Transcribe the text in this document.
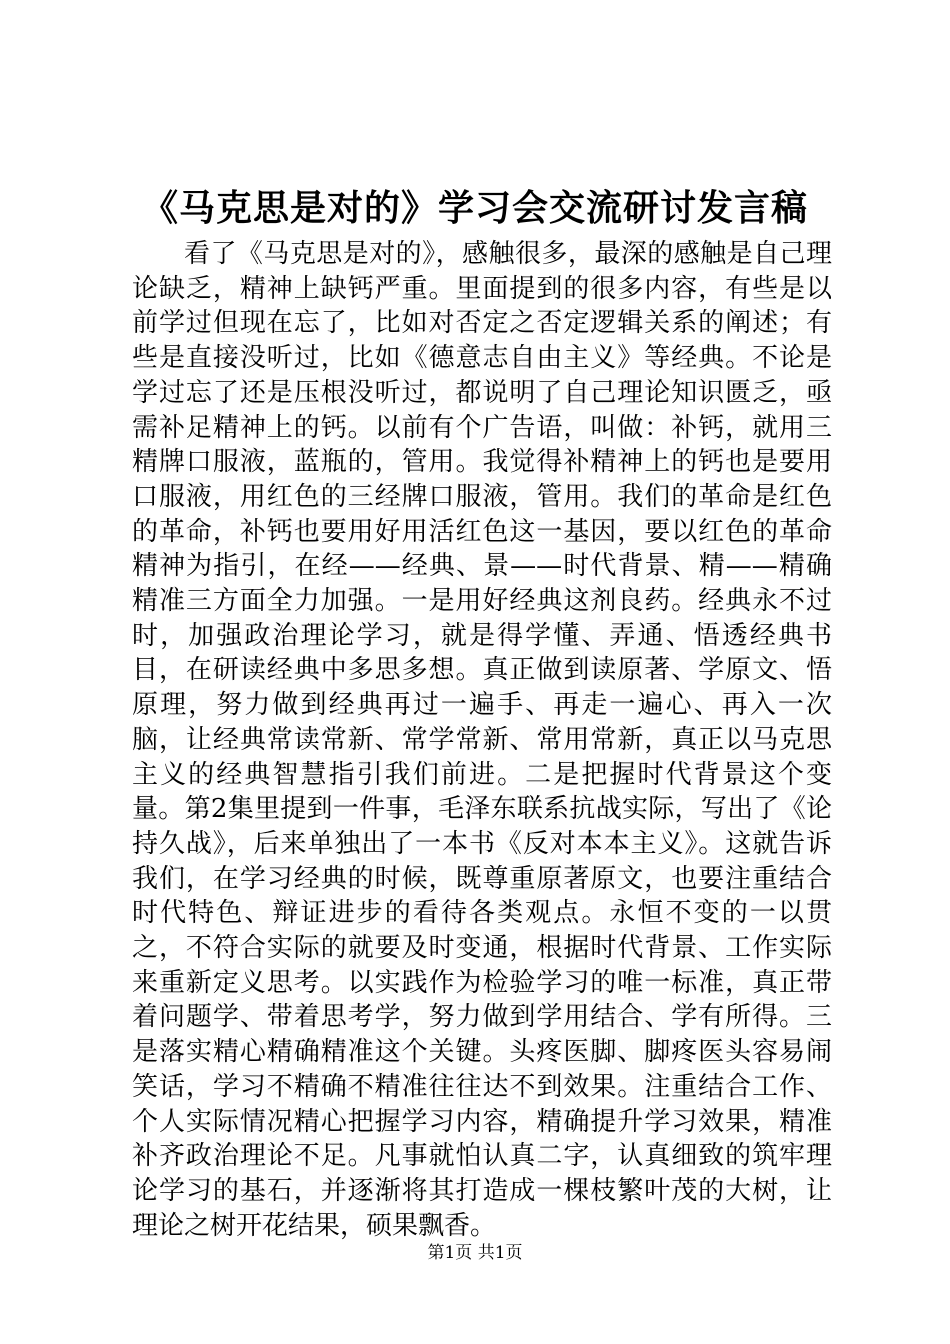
《马克思是对的》学习会交流研讨发言稿

看了《马克思是对的》，感触很多，最深的感触是自己理论缺乏，精神上缺钙严重。里面提到的很多内容，有些是以前学过但现在忘了，比如对否定之否定逻辑关系的阐述；有些是直接没听过，比如《德意志自由主义》等经典。不论是学过忘了还是压根没听过，都说明了自己理论知识匮乏，亟需补足精神上的钙。以前有个广告语，叫做：补钙，就用三精牌口服液，蓝瓶的，管用。我觉得补精神上的钙也是要用口服液，用红色的三经牌口服液，管用。我们的革命是红色的革命，补钙也要用好用活红色这一基因，要以红色的革命精神为指引，在经——经典、景——时代背景、精——精确精准三方面全力加强。一是用好经典这剂良药。经典永不过时，加强政治理论学习，就是得学懂、弄通、悟透经典书目，在研读经典中多思多想。真正做到读原著、学原文、悟原理，努力做到经典再过一遍手、再走一遍心、再入一次脑，让经典常读常新、常学常新、常用常新，真正以马克思主义的经典智慧指引我们前进。二是把握时代背景这个变量。第2集里提到一件事，毛泽东联系抗战实际，写出了《论持久战》，后来单独出了一本书《反对本本主义》。这就告诉我们，在学习经典的时候，既尊重原著原文，也要注重结合时代特色、辩证进步的看待各类观点。永恒不变的一以贯之，不符合实际的就要及时变通，根据时代背景、工作实际来重新定义思考。以实践作为检验学习的唯一标准，真正带着问题学、带着思考学，努力做到学用结合、学有所得。三是落实精心精确精准这个关键。头疼医脚、脚疼医头容易闹笑话，学习不精确不精准往往达不到效果。注重结合工作、个人实际情况精心把握学习内容，精确提升学习效果，精准补齐政治理论不足。凡事就怕认真二字，认真细致的筑牢理论学习的基石，并逐渐将其打造成一棵枝繁叶茂的大树，让理论之树开花结果，硕果飘香。

第1页 共1页
